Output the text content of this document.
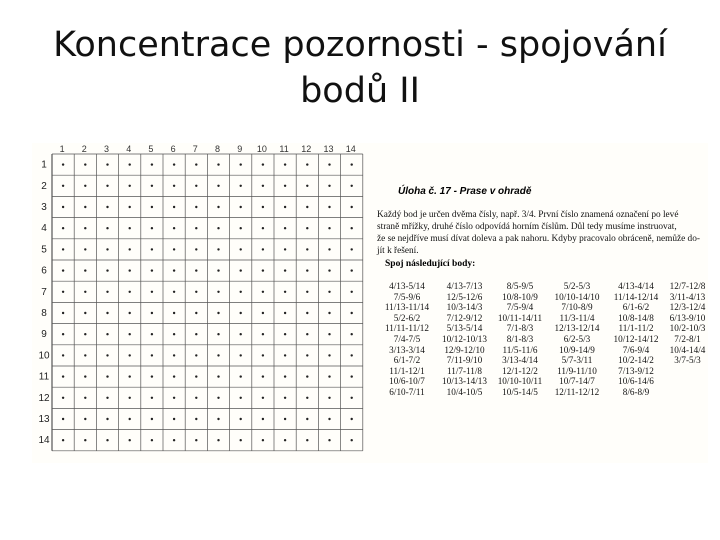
Koncentrace pozornosti - spojování
bodů II
1 2 3 4 5 6 7 8 9 10 11 12 13 14
1
2
3
4
5
6
7
8
9
10
11
12
13
14
Úloha č. 17 - Prase v ohradě
Každý bod je určen dvěma čísly, např. 3/4. První číslo znamená označení po levé
straně mřížky, druhé číslo odpovídá horním číslům. Důl tedy musíme instruovat,
že se nejdříve musí dívat doleva a pak nahoru. Kdyby pracovalo obráceně, nemůže do-
jít k řešení.
Spoj následující body:
4/13-5/14
7/5-9/6
11/13-11/14
5/2-6/2
11/11-11/12
7/4-7/5
3/13-3/14
6/1-7/2
11/1-12/1
10/6-10/7
6/10-7/11
4/13-7/13
12/5-12/6
10/3-14/3
7/12-9/12
5/13-5/14
10/12-10/13
12/9-12/10
7/11-9/10
11/7-11/8
10/13-14/13
10/4-10/5
8/5-9/5
10/8-10/9
7/5-9/4
10/11-14/11
7/1-8/3
8/1-8/3
11/5-11/6
3/13-4/14
12/1-12/2
10/10-10/11
10/5-14/5
5/2-5/3
10/10-14/10
7/10-8/9
11/3-11/4
12/13-12/14
6/2-5/3
10/9-14/9
5/7-3/11
11/9-11/10
10/7-14/7
12/11-12/12
4/13-4/14
11/14-12/14
6/1-6/2
10/8-14/8
11/1-11/2
10/12-14/12
7/6-9/4
10/2-14/2
7/13-9/12
10/6-14/6
8/6-8/9
12/7-12/8
3/11-4/13
12/3-12/4
6/13-9/10
10/2-10/3
7/2-8/1
10/4-14/4
3/7-5/3
